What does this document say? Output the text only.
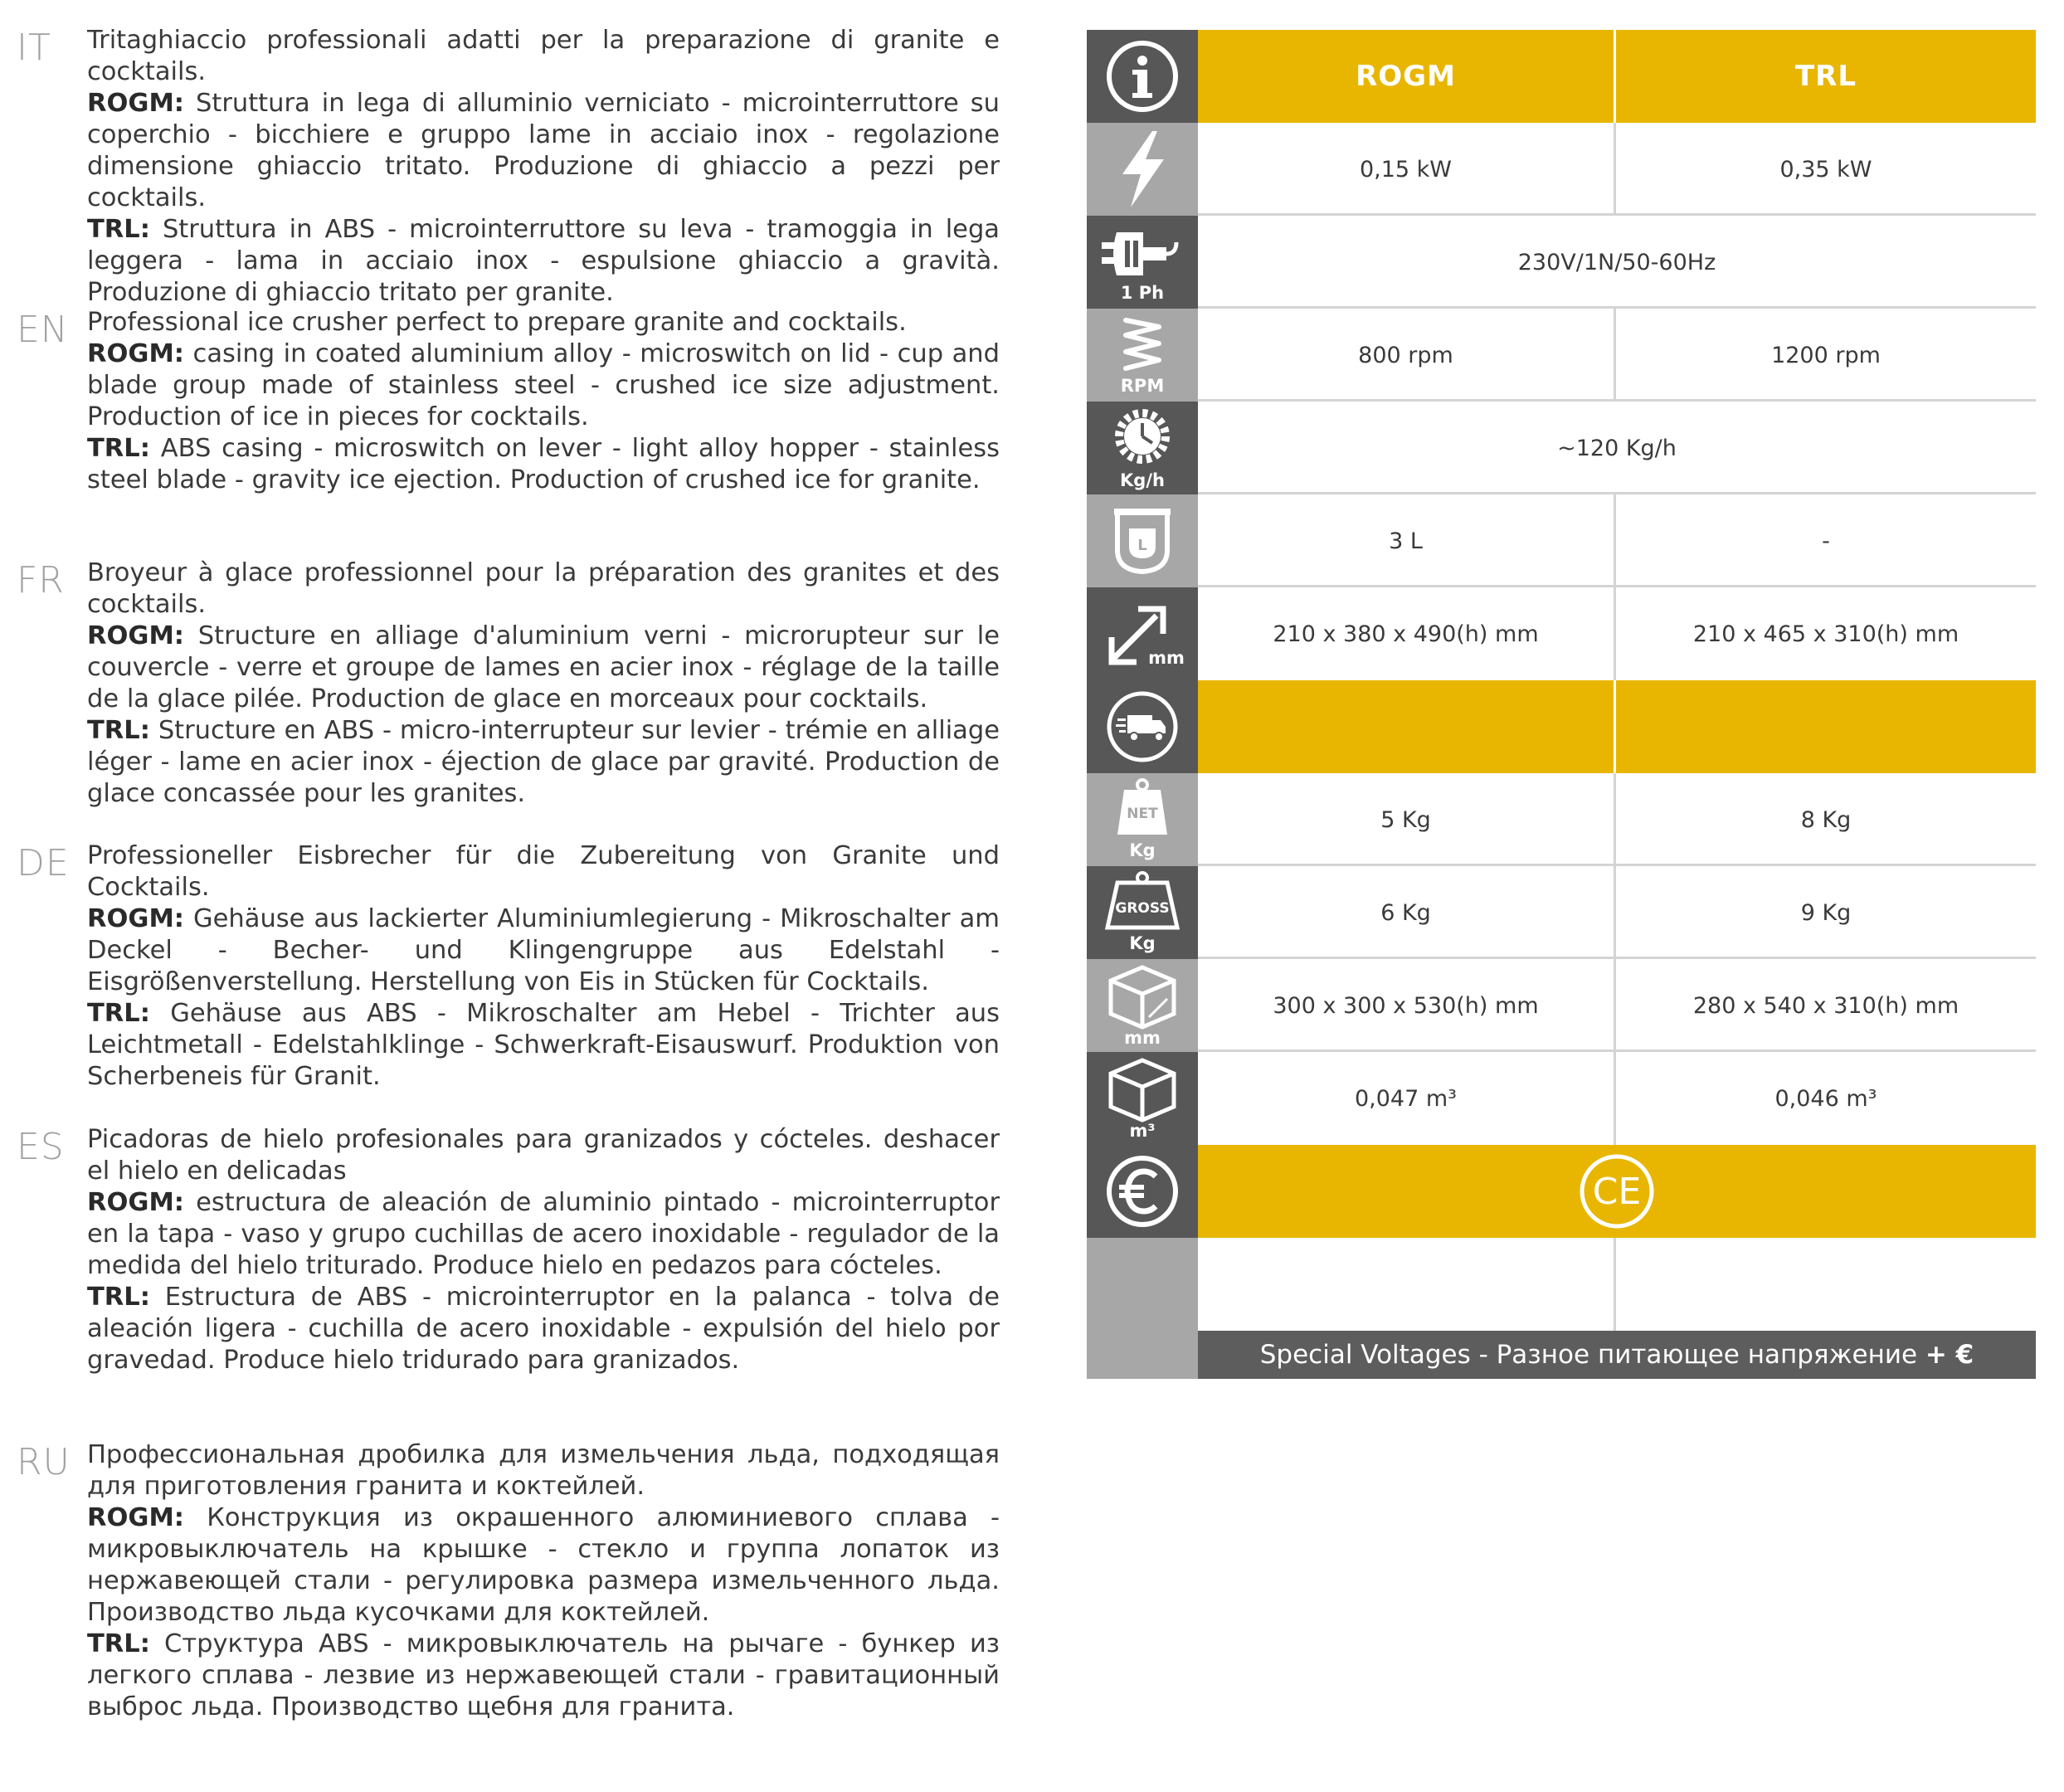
IT Tritaghiaccio professionali adatti per la preparazione di granite e cocktails.
ROGM: Struttura in lega di alluminio verniciato - microinterruttore su coperchio - bicchiere e gruppo lame in acciaio inox - regolazione dimensione ghiaccio tritato. Produzione di ghiaccio a pezzi per cocktails.
TRL: Struttura in ABS - microinterruttore su leva - tramoggia in lega leggera - lama in acciaio inox - espulsione ghiaccio a gravità. Produzione di ghiaccio tritato per granite.

EN Professional ice crusher perfect to prepare granite and cocktails.
ROGM: casing in coated aluminium alloy - microswitch on lid - cup and blade group made of stainless steel - crushed ice size adjustment. Production of ice in pieces for cocktails.
TRL: ABS casing - microswitch on lever - light alloy hopper - stainless steel blade - gravity ice ejection. Production of crushed ice for granite.

FR Broyeur à glace professionnel pour la préparation des granites et des cocktails.
ROGM: Structure en alliage d'aluminium verni - microrupteur sur le couvercle - verre et groupe de lames en acier inox - réglage de la taille de la glace pilée. Production de glace en morceaux pour cocktails.
TRL: Structure en ABS - micro-interrupteur sur levier - trémie en alliage léger - lame en acier inox - éjection de glace par gravité. Production de glace concassée pour les granites.

DE Professioneller Eisbrecher für die Zubereitung von Granite und Cocktails.
ROGM: Gehäuse aus lackierter Aluminiumlegierung - Mikroschalter am Deckel - Becher- und Klingengruppe aus Edelstahl - Eisgrößenverstellung. Herstellung von Eis in Stücken für Cocktails.
TRL: Gehäuse aus ABS - Mikroschalter am Hebel - Trichter aus Leichtmetall - Edelstahlklinge - Schwerkraft-Eisauswurf. Produktion von Scherbeneis für Granit.

ES Picadoras de hielo profesionales para granizados y cócteles. deshacer el hielo en delicadas
ROGM: estructura de aleación de aluminio pintado - microinterruptor en la tapa - vaso y grupo cuchillas de acero inoxidable - regulador de la medida del hielo triturado. Produce hielo en pedazos para cócteles.
TRL: Estructura de ABS - microinterruptor en la palanca - tolva de aleación ligera - cuchilla de acero inoxidable - expulsión del hielo por gravedad. Produce hielo tridurado para granizados.

RU Профессиональная дробилка для измельчения льда, подходящая для приготовления гранита и коктейлей.
ROGM: Конструкция из окрашенного алюминиевого сплава - микровыключатель на крышке - стекло и группа лопаток из нержавеющей стали - регулировка размера измельченного льда. Производство льда кусочками для коктейлей.
TRL: Структура ABS - микровыключатель на рычаге - бункер из легкого сплава - лезвие из нержавеющей стали - гравитационный выброс льда. Производство щебня для гранита.

ROGM	TRL
0,15 kW	0,35 kW
1 Ph
230V/1N/50-60Hz
RPM
800 rpm	1200 rpm
Kg/h
~120 Kg/h
L	3 L	-
mm
210 x 380 x 490(h) mm	210 x 465 x 310(h) mm
NET
Kg
5 Kg	8 Kg
GROSS
Kg
6 Kg	9 Kg
mm
300 x 300 x 530(h) mm	280 x 540 x 310(h) mm
m³
0,047 m³	0,046 m³
CE
Special Voltages - Разное питающее напряжение + €
